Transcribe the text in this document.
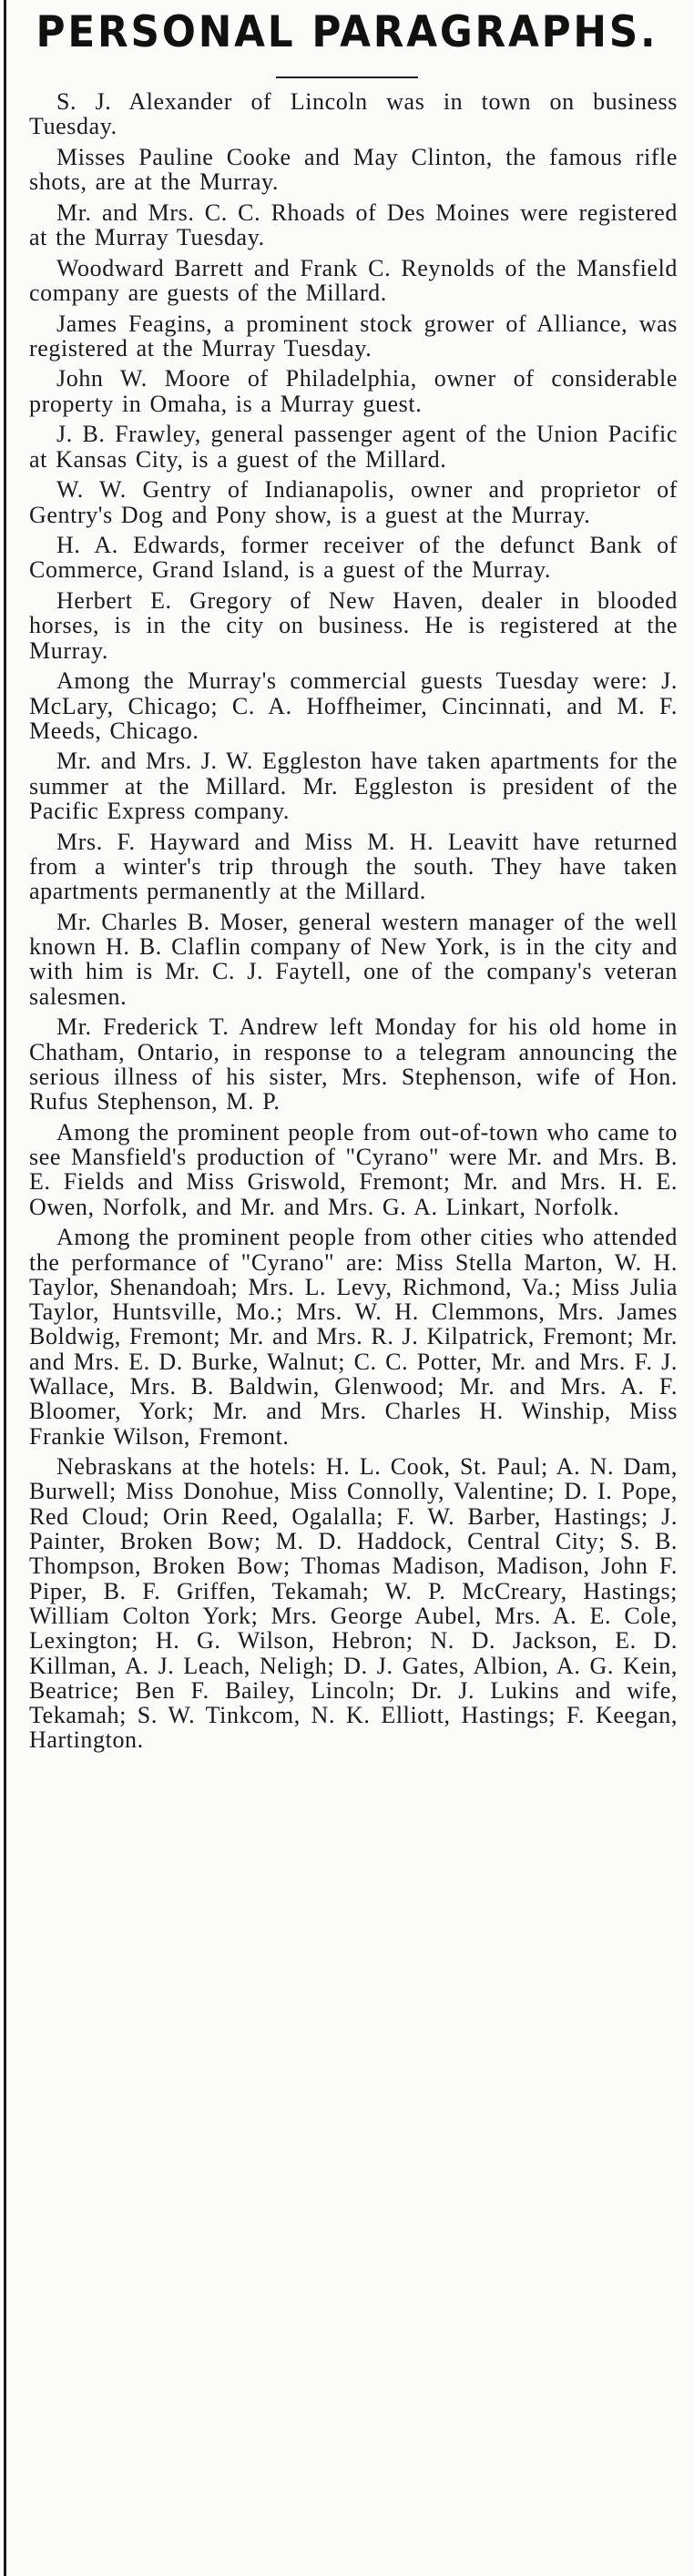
PERSONAL PARAGRAPHS.

S. J. Alexander of Lincoln was in town on business Tuesday.

Misses Pauline Cooke and May Clinton, the famous rifle shots, are at the Murray.

Mr. and Mrs. C. C. Rhoads of Des Moines were registered at the Murray Tuesday.

Woodward Barrett and Frank C. Reynolds of the Mansfield company are guests of the Millard.

James Feagins, a prominent stock grower of Alliance, was registered at the Murray Tuesday.

John W. Moore of Philadelphia, owner of considerable property in Omaha, is a Murray guest.

J. B. Frawley, general passenger agent of the Union Pacific at Kansas City, is a guest of the Millard.

W. W. Gentry of Indianapolis, owner and proprietor of Gentry's Dog and Pony show, is a guest at the Murray.

H. A. Edwards, former receiver of the defunct Bank of Commerce, Grand Island, is a guest of the Murray.

Herbert E. Gregory of New Haven, dealer in blooded horses, is in the city on business. He is registered at the Murray.

Among the Murray's commercial guests Tuesday were: J. McLary, Chicago; C. A. Hoffheimer, Cincinnati, and M. F. Meeds, Chicago.

Mr. and Mrs. J. W. Eggleston have taken apartments for the summer at the Millard. Mr. Eggleston is president of the Pacific Express company.

Mrs. F. Hayward and Miss M. H. Leavitt have returned from a winter's trip through the south. They have taken apartments permanently at the Millard.

Mr. Charles B. Moser, general western manager of the well known H. B. Claflin company of New York, is in the city and with him is Mr. C. J. Faytell, one of the company's veteran salesmen.

Mr. Frederick T. Andrew left Monday for his old home in Chatham, Ontario, in response to a telegram announcing the serious illness of his sister, Mrs. Stephenson, wife of Hon. Rufus Stephenson, M. P.

Among the prominent people from out-of-town who came to see Mansfield's production of "Cyrano" were Mr. and Mrs. B. E. Fields and Miss Griswold, Fremont; Mr. and Mrs. H. E. Owen, Norfolk, and Mr. and Mrs. G. A. Linkart, Norfolk.

Among the prominent people from other cities who attended the performance of "Cyrano" are: Miss Stella Marton, W. H. Taylor, Shenandoah; Mrs. L. Levy, Richmond, Va.; Miss Julia Taylor, Huntsville, Mo.; Mrs. W. H. Clemmons, Mrs. James Boldwig, Fremont; Mr. and Mrs. R. J. Kilpatrick, Fremont; Mr. and Mrs. E. D. Burke, Walnut; C. C. Potter, Mr. and Mrs. F. J. Wallace, Mrs. B. Baldwin, Glenwood; Mr. and Mrs. A. F. Bloomer, York; Mr. and Mrs. Charles H. Winship, Miss Frankie Wilson, Fremont.

Nebraskans at the hotels: H. L. Cook, St. Paul; A. N. Dam, Burwell; Miss Donohue, Miss Connolly, Valentine; D. I. Pope, Red Cloud; Orin Reed, Ogalalla; F. W. Barber, Hastings; J. Painter, Broken Bow; M. D. Haddock, Central City; S. B. Thompson, Broken Bow; Thomas Madison, Madison, John F. Piper, B. F. Griffen, Tekamah; W. P. McCreary, Hastings; William Colton York; Mrs. George Aubel, Mrs. A. E. Cole, Lexington; H. G. Wilson, Hebron; N. D. Jackson, E. D. Killman, A. J. Leach, Neligh; D. J. Gates, Albion, A. G. Kein, Beatrice; Ben F. Bailey, Lincoln; Dr. J. Lukins and wife, Tekamah; S. W. Tinkcom, N. K. Elliott, Hastings; F. Keegan, Hartington.
